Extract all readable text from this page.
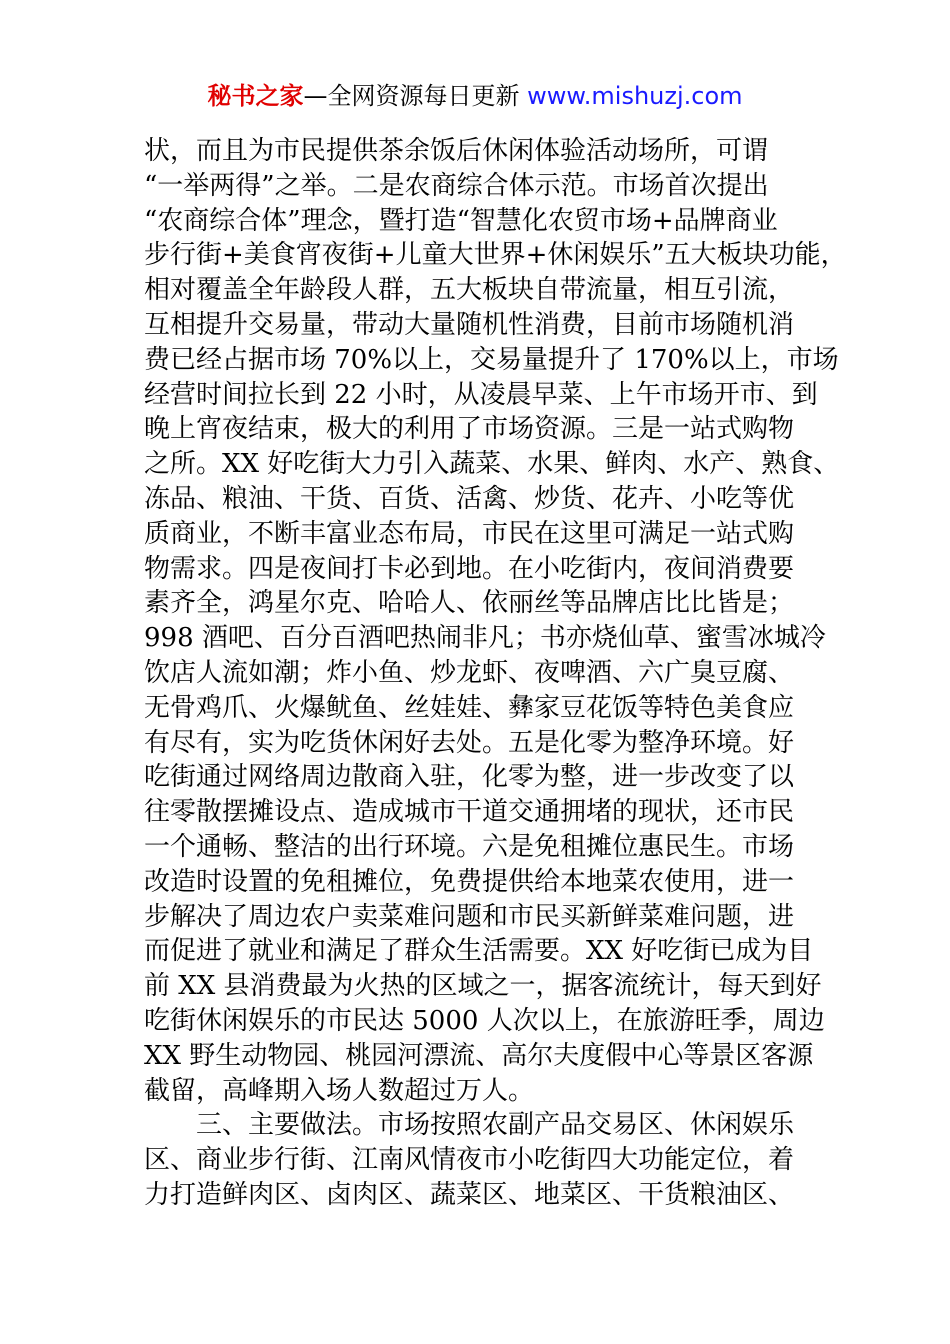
秘书之家—全网资源每日更新 www.mishuzj.com
状，而且为市民提供茶余饭后休闲体验活动场所，可谓
“一举两得”之举。二是农商综合体示范。市场首次提出
“农商综合体”理念，暨打造“智慧化农贸市场+品牌商业
步行街+美食宵夜街+儿童大世界+休闲娱乐”五大板块功能，
相对覆盖全年龄段人群，五大板块自带流量，相互引流，
互相提升交易量，带动大量随机性消费，目前市场随机消
费已经占据市场 70%以上，交易量提升了 170%以上，市场
经营时间拉长到 22 小时，从凌晨早菜、上午市场开市、到
晚上宵夜结束，极大的利用了市场资源。三是一站式购物
之所。XX 好吃街大力引入蔬菜、水果、鲜肉、水产、熟食、
冻品、粮油、干货、百货、活禽、炒货、花卉、小吃等优
质商业，不断丰富业态布局，市民在这里可满足一站式购
物需求。四是夜间打卡必到地。在小吃街内，夜间消费要
素齐全，鸿星尔克、哈哈人、依丽丝等品牌店比比皆是；
998 酒吧、百分百酒吧热闹非凡；书亦烧仙草、蜜雪冰城冷
饮店人流如潮；炸小鱼、炒龙虾、夜啤酒、六广臭豆腐、
无骨鸡爪、火爆鱿鱼、丝娃娃、彝家豆花饭等特色美食应
有尽有，实为吃货休闲好去处。五是化零为整净环境。好
吃街通过网络周边散商入驻，化零为整，进一步改变了以
往零散摆摊设点、造成城市干道交通拥堵的现状，还市民
一个通畅、整洁的出行环境。六是免租摊位惠民生。市场
改造时设置的免租摊位，免费提供给本地菜农使用，进一
步解决了周边农户卖菜难问题和市民买新鲜菜难问题，进
而促进了就业和满足了群众生活需要。XX 好吃街已成为目
前 XX 县消费最为火热的区域之一，据客流统计，每天到好
吃街休闲娱乐的市民达 5000 人次以上，在旅游旺季，周边
XX 野生动物园、桃园河漂流、高尔夫度假中心等景区客源
截留，高峰期入场人数超过万人。
三、主要做法。市场按照农副产品交易区、休闲娱乐
区、商业步行街、江南风情夜市小吃街四大功能定位，着
力打造鲜肉区、卤肉区、蔬菜区、地菜区、干货粮油区、
